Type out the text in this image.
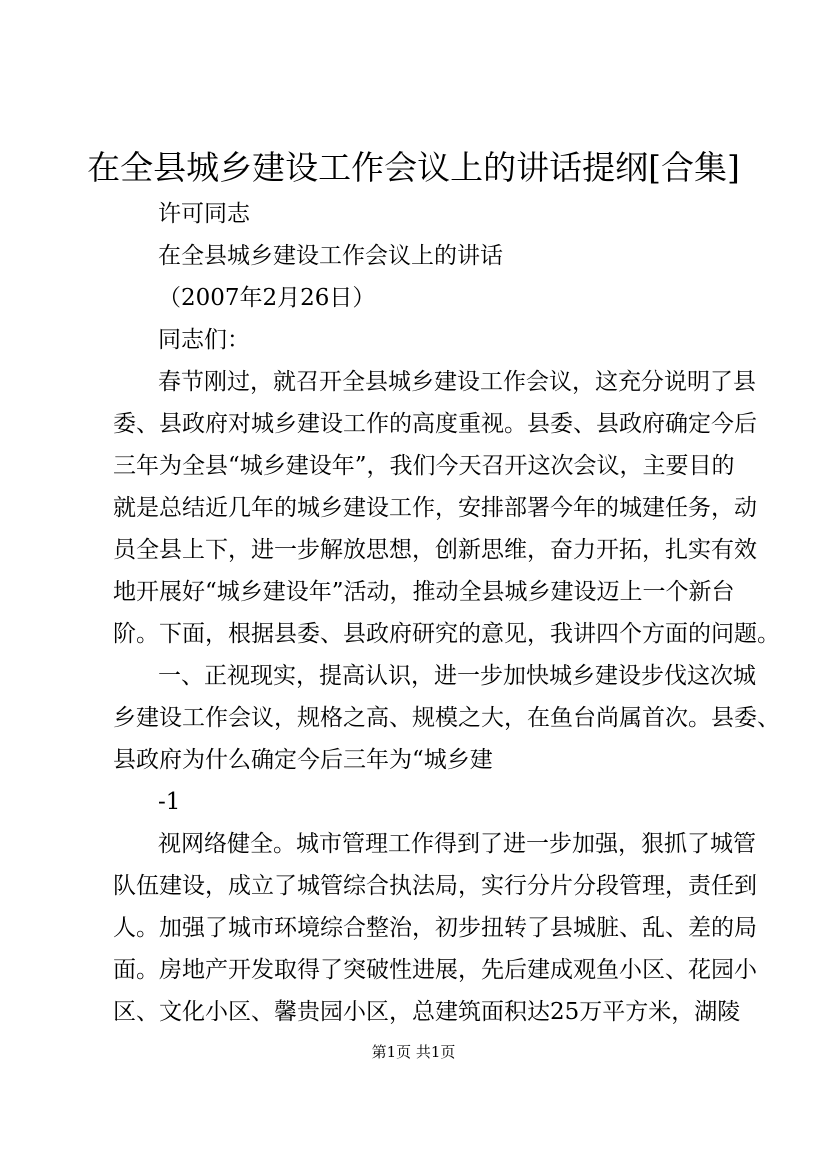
在全县城乡建设工作会议上的讲话提纲[合集]
许可同志
在全县城乡建设工作会议上的讲话
（2007年2月26日）
同志们：
春节刚过，就召开全县城乡建设工作会议，这充分说明了县
委、县政府对城乡建设工作的高度重视。县委、县政府确定今后
三年为全县“城乡建设年”，我们今天召开这次会议，主要目的
就是总结近几年的城乡建设工作，安排部署今年的城建任务，动
员全县上下，进一步解放思想，创新思维，奋力开拓，扎实有效
地开展好“城乡建设年”活动，推动全县城乡建设迈上一个新台
阶。下面，根据县委、县政府研究的意见，我讲四个方面的问题。
一、正视现实，提高认识，进一步加快城乡建设步伐这次城
乡建设工作会议，规格之高、规模之大，在鱼台尚属首次。县委、
县政府为什么确定今后三年为“城乡建
-1
视网络健全。城市管理工作得到了进一步加强，狠抓了城管
队伍建设，成立了城管综合执法局，实行分片分段管理，责任到
人。加强了城市环境综合整治，初步扭转了县城脏、乱、差的局
面。房地产开发取得了突破性进展，先后建成观鱼小区、花园小
区、文化小区、馨贵园小区，总建筑面积达25万平方米，湖陵
第1页 共1页
